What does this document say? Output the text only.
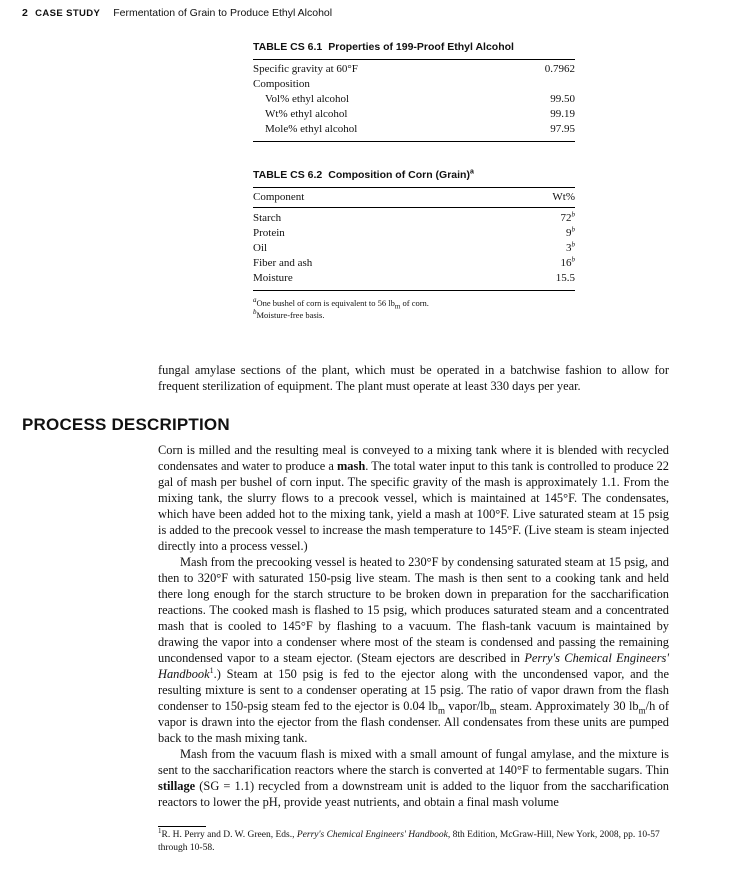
2 CASE STUDY Fermentation of Grain to Produce Ethyl Alcohol
TABLE CS 6.1 Properties of 199-Proof Ethyl Alcohol
Specific gravity at 60°F	0.7962
Composition
Vol% ethyl alcohol	99.50
Wt% ethyl alcohol	99.19
Mole% ethyl alcohol	97.95
TABLE CS 6.2 Composition of Corn (Grain)$^a$
Component	Wt%
Starch	72$^b$
Protein	9$^b$
Oil	3$^b$
Fiber and ash	16$^b$
Moisture	15.5
$^a$One bushel of corn is equivalent to 56 $lb_m$ of corn.
$^b$Moisture-free basis.

fungal amylase sections of the plant, which must be operated in a batchwise fashion to allow for frequent sterilization of equipment. The plant must operate at least 330 days per year.

PROCESS DESCRIPTION

Corn is milled and the resulting meal is conveyed to a mixing tank where it is blended with recycled condensates and water to produce a mash. The total water input to this tank is controlled to produce 22 gal of mash per bushel of corn input. The specific gravity of the mash is approximately 1.1. From the mixing tank, the slurry flows to a precook vessel, which is maintained at 145°F. The condensates, which have been added hot to the mixing tank, yield a mash at 100°F. Live saturated steam at 15 psig is added to the precook vessel to increase the mash temperature to 145°F. (Live steam is steam injected directly into a process vessel.)

Mash from the precooking vessel is heated to 230°F by condensing saturated steam at 15 psig, and then to 320°F with saturated 150-psig live steam. The mash is then sent to a cooking tank and held there long enough for the starch structure to be broken down in preparation for the saccharification reactions. The cooked mash is flashed to 15 psig, which produces saturated steam and a concentrated mash that is cooled to 145°F by flashing to a vacuum. The flash-tank vacuum is maintained by drawing the vapor into a condenser where most of the steam is condensed and passing the remaining uncondensed vapor to a steam ejector. (Steam ejectors are described in Perry's Chemical Engineers' Handbook$^1$.) Steam at 150 psig is fed to the ejector along with the uncondensed vapor, and the resulting mixture is sent to a condenser operating at 15 psig. The ratio of vapor drawn from the flash condenser to 150-psig steam fed to the ejector is 0.04 $lb_m$ vapor/$lb_m$ steam. Approximately 30 $lb_m/h$ of vapor is drawn into the ejector from the flash condenser. All condensates from these units are pumped back to the mash mixing tank.

Mash from the vacuum flash is mixed with a small amount of fungal amylase, and the mixture is sent to the saccharification reactors where the starch is converted at 140°F to fermentable sugars. Thin stillage (SG = 1.1) recycled from a downstream unit is added to the liquor from the saccharification reactors to lower the pH, provide yeast nutrients, and obtain a final mash volume

$^1$R. H. Perry and D. W. Green, Eds., Perry's Chemical Engineers' Handbook, 8th Edition, McGraw-Hill, New York, 2008, pp. 10-57 through 10-58.
